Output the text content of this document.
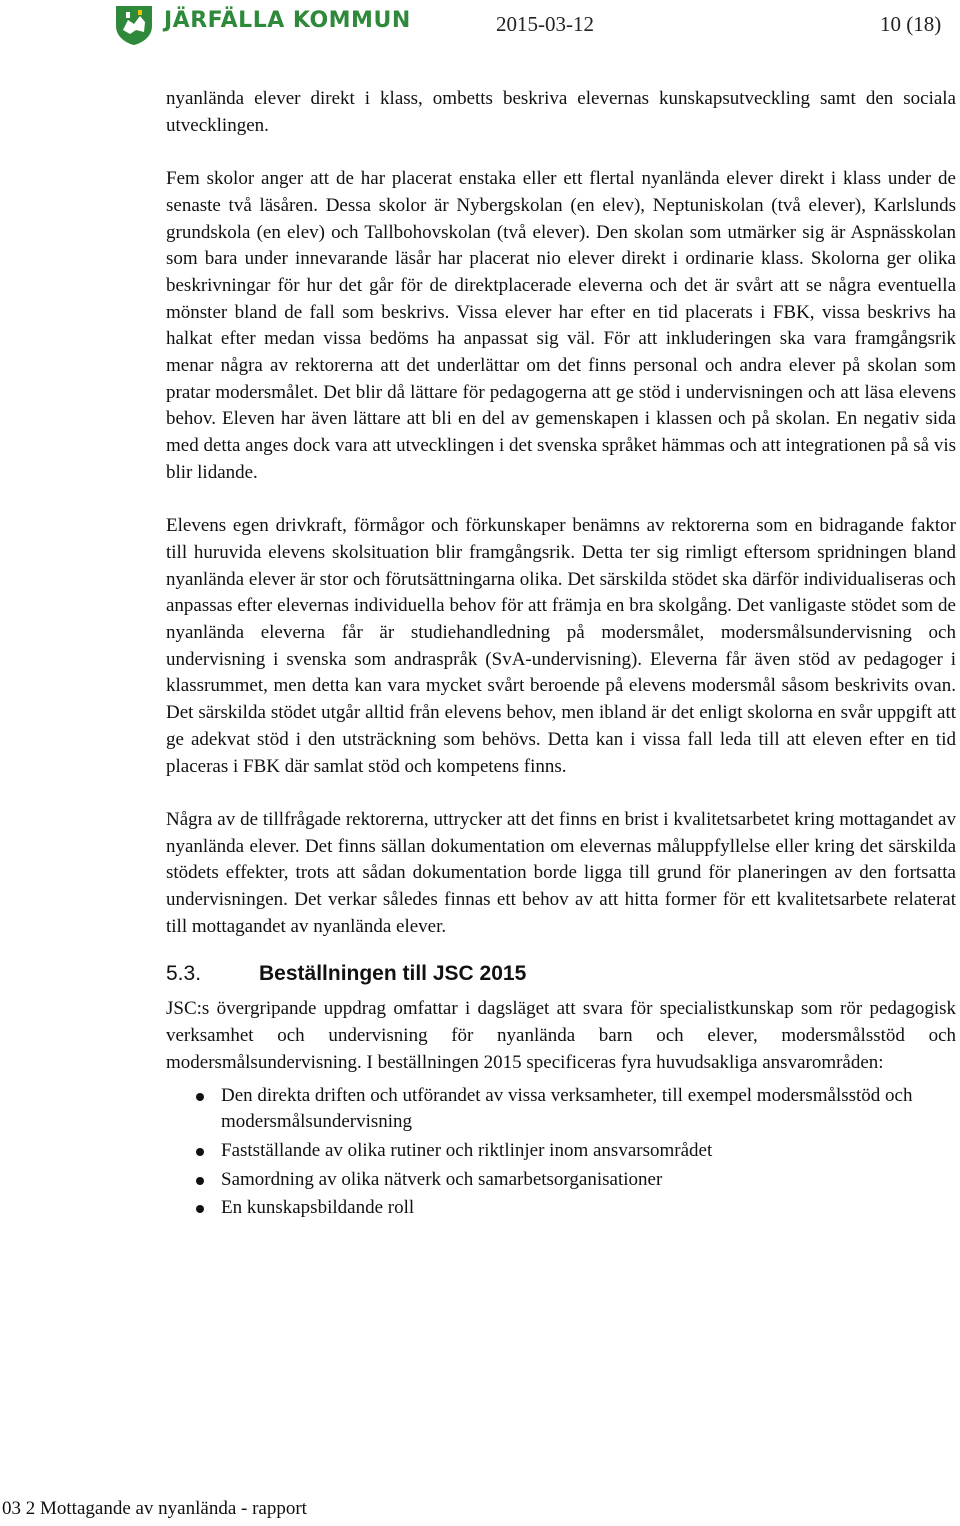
JÄRFÄLLA KOMMUN	2015-03-12	10 (18)

nyanlända elever direkt i klass, ombetts beskriva elevernas kunskapsutveckling samt den sociala utvecklingen.

Fem skolor anger att de har placerat enstaka eller ett flertal nyanlända elever direkt i klass under de senaste två läsåren. Dessa skolor är Nybergskolan (en elev), Neptuniskolan (två elever), Karlslunds grundskola (en elev) och Tallbohovskolan (två elever). Den skolan som utmärker sig är Aspnässkolan som bara under innevarande läsår har placerat nio elever direkt i ordinarie klass. Skolorna ger olika beskrivningar för hur det går för de direktplacerade eleverna och det är svårt att se några eventuella mönster bland de fall som beskrivs. Vissa elever har efter en tid placerats i FBK, vissa beskrivs ha halkat efter medan vissa bedöms ha anpassat sig väl. För att inkluderingen ska vara framgångsrik menar några av rektorerna att det underlättar om det finns personal och andra elever på skolan som pratar modersmålet. Det blir då lättare för pedagogerna att ge stöd i undervisningen och att läsa elevens behov. Eleven har även lättare att bli en del av gemenskapen i klassen och på skolan. En negativ sida med detta anges dock vara att utvecklingen i det svenska språket hämmas och att integrationen på så vis blir lidande.

Elevens egen drivkraft, förmågor och förkunskaper benämns av rektorerna som en bidragande faktor till huruvida elevens skolsituation blir framgångsrik. Detta ter sig rimligt eftersom spridningen bland nyanlända elever är stor och förutsättningarna olika. Det särskilda stödet ska därför individualiseras och anpassas efter elevernas individuella behov för att främja en bra skolgång. Det vanligaste stödet som de nyanlända eleverna får är studiehandledning på modersmålet, modersmålsundervisning och undervisning i svenska som andraspråk (SvA-undervisning). Eleverna får även stöd av pedagoger i klassrummet, men detta kan vara mycket svårt beroende på elevens modersmål såsom beskrivits ovan. Det särskilda stödet utgår alltid från elevens behov, men ibland är det enligt skolorna en svår uppgift att ge adekvat stöd i den utsträckning som behövs. Detta kan i vissa fall leda till att eleven efter en tid placeras i FBK där samlat stöd och kompetens finns.

Några av de tillfrågade rektorerna, uttrycker att det finns en brist i kvalitetsarbetet kring mottagandet av nyanlända elever. Det finns sällan dokumentation om elevernas måluppfyllelse eller kring det särskilda stödets effekter, trots att sådan dokumentation borde ligga till grund för planeringen av den fortsatta undervisningen. Det verkar således finnas ett behov av att hitta former för ett kvalitetsarbete relaterat till mottagandet av nyanlända elever.

5.3.	Beställningen till JSC 2015

JSC:s övergripande uppdrag omfattar i dagsläget att svara för specialistkunskap som rör pedagogisk verksamhet och undervisning för nyanlända barn och elever, modersmålsstöd och modersmålsundervisning. I beställningen 2015 specificeras fyra huvudsakliga ansvarområden:

Den direkta driften och utförandet av vissa verksamheter, till exempel modersmålsstöd och modersmålsundervisning
Fastställande av olika rutiner och riktlinjer inom ansvarsområdet
Samordning av olika nätverk och samarbetsorganisationer
En kunskapsbildande roll
03 2 Mottagande av nyanlända - rapport
